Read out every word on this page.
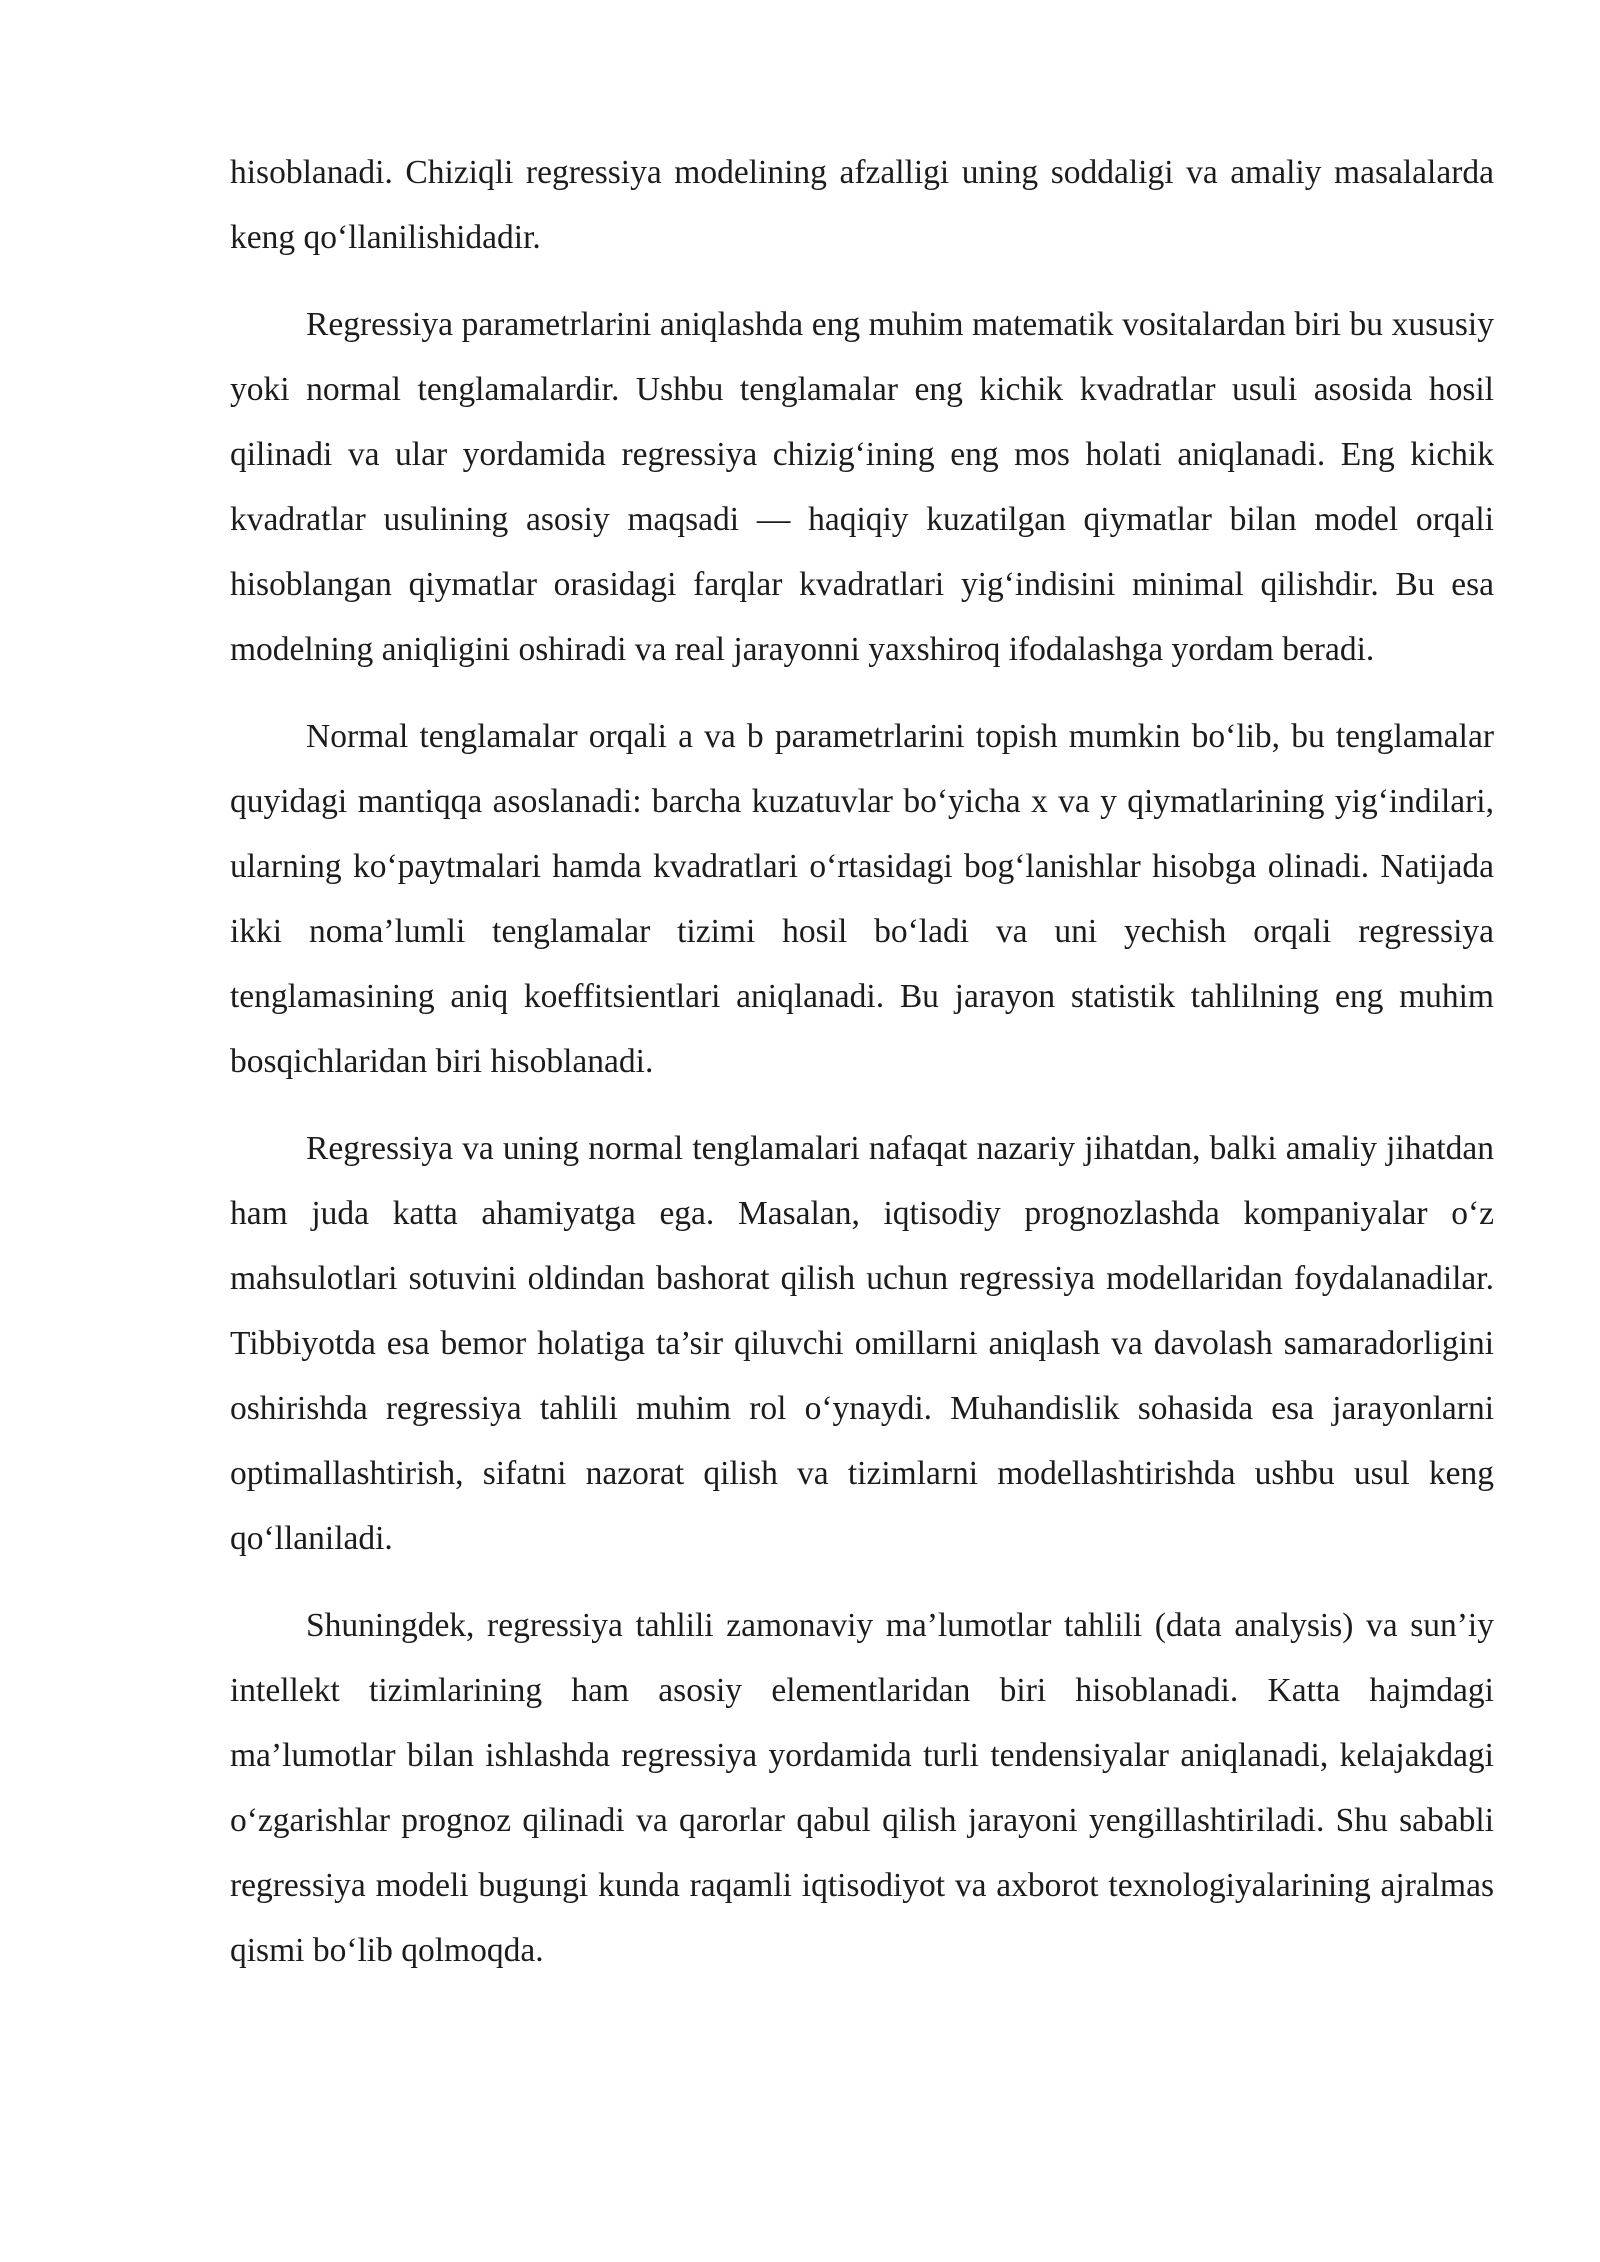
hisoblanadi. Chiziqli regressiya modelining afzalligi uning soddaligi va amaliy masalalarda keng qo‘llanilishidadir.

Regressiya parametrlarini aniqlashda eng muhim matematik vositalardan biri bu xususiy yoki normal tenglamalardir. Ushbu tenglamalar eng kichik kvadratlar usuli asosida hosil qilinadi va ular yordamida regressiya chizig‘ining eng mos holati aniqlanadi. Eng kichik kvadratlar usulining asosiy maqsadi — haqiqiy kuzatilgan qiymatlar bilan model orqali hisoblangan qiymatlar orasidagi farqlar kvadratlari yig‘indisini minimal qilishdir. Bu esa modelning aniqligini oshiradi va real jarayonni yaxshiroq ifodalashga yordam beradi.

Normal tenglamalar orqali a va b parametrlarini topish mumkin bo‘lib, bu tenglamalar quyidagi mantiqqa asoslanadi: barcha kuzatuvlar bo‘yicha x va y qiymatlarining yig‘indilari, ularning ko‘paytmalari hamda kvadratlari o‘rtasidagi bog‘lanishlar hisobga olinadi. Natijada ikki noma’lumli tenglamalar tizimi hosil bo‘ladi va uni yechish orqali regressiya tenglamasining aniq koeffitsientlari aniqlanadi. Bu jarayon statistik tahlilning eng muhim bosqichlaridan biri hisoblanadi.

Regressiya va uning normal tenglamalari nafaqat nazariy jihatdan, balki amaliy jihatdan ham juda katta ahamiyatga ega. Masalan, iqtisodiy prognozlashda kompaniyalar o‘z mahsulotlari sotuvini oldindan bashorat qilish uchun regressiya modellaridan foydalanadilar. Tibbiyotda esa bemor holatiga ta’sir qiluvchi omillarni aniqlash va davolash samaradorligini oshirishda regressiya tahlili muhim rol o‘ynaydi. Muhandislik sohasida esa jarayonlarni optimallashtirish, sifatni nazorat qilish va tizimlarni modellashtirishda ushbu usul keng qo‘llaniladi.

Shuningdek, regressiya tahlili zamonaviy ma’lumotlar tahlili (data analysis) va sun’iy intellekt tizimlarining ham asosiy elementlaridan biri hisoblanadi. Katta hajmdagi ma’lumotlar bilan ishlashda regressiya yordamida turli tendensiyalar aniqlanadi, kelajakdagi o‘zgarishlar prognoz qilinadi va qarorlar qabul qilish jarayoni yengillashtiriladi. Shu sababli regressiya modeli bugungi kunda raqamli iqtisodiyot va axborot texnologiyalarining ajralmas qismi bo‘lib qolmoqda.
